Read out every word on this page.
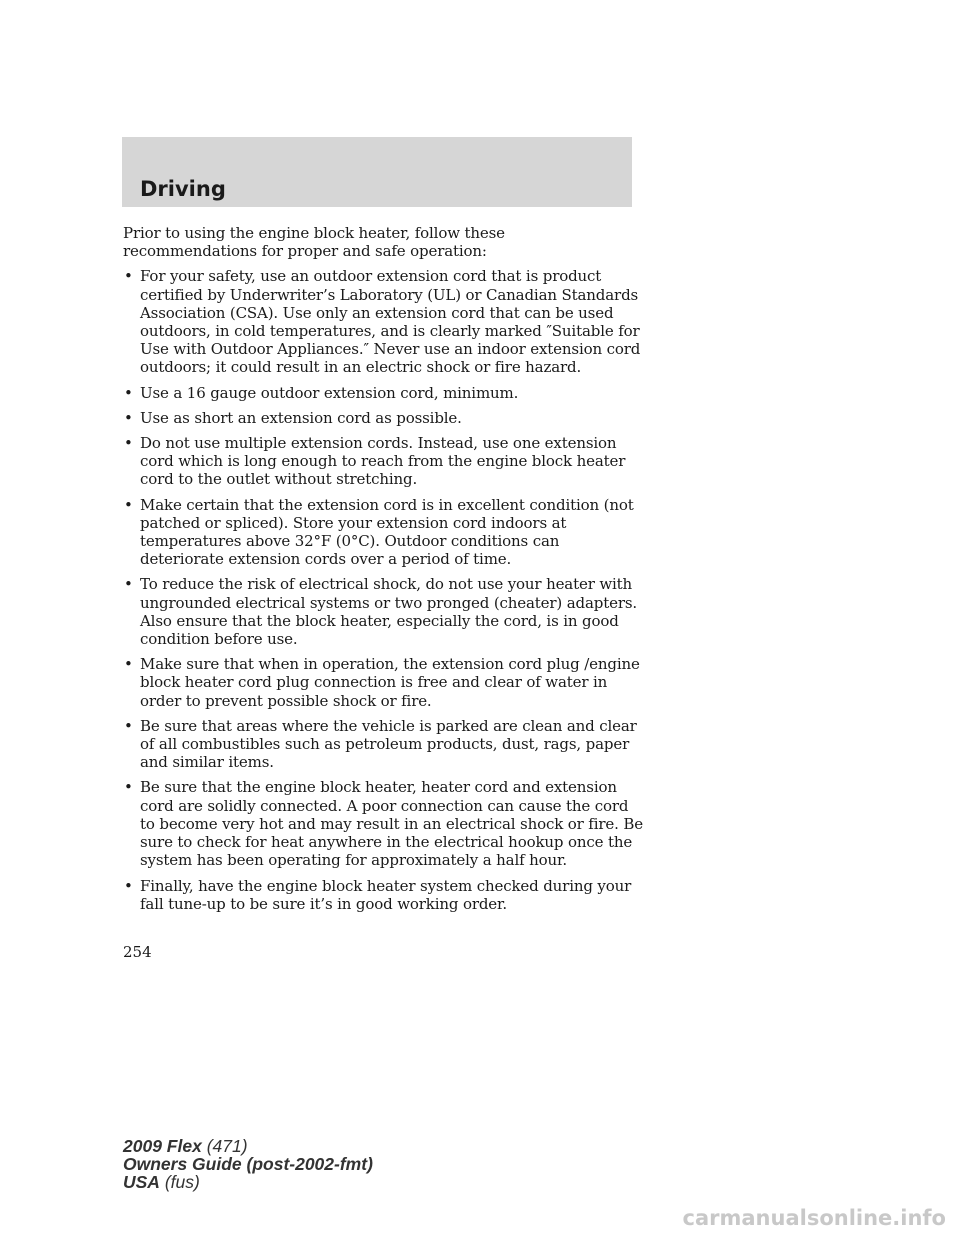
Driving

Prior to using the engine block heater, follow these recommendations for proper and safe operation:

• For your safety, use an outdoor extension cord that is product certified by Underwriter’s Laboratory (UL) or Canadian Standards Association (CSA). Use only an extension cord that can be used outdoors, in cold temperatures, and is clearly marked ″Suitable for Use with Outdoor Appliances.″ Never use an indoor extension cord outdoors; it could result in an electric shock or fire hazard.
• Use a 16 gauge outdoor extension cord, minimum.
• Use as short an extension cord as possible.
• Do not use multiple extension cords. Instead, use one extension cord which is long enough to reach from the engine block heater cord to the outlet without stretching.
• Make certain that the extension cord is in excellent condition (not patched or spliced). Store your extension cord indoors at temperatures above 32°F (0°C). Outdoor conditions can deteriorate extension cords over a period of time.
• To reduce the risk of electrical shock, do not use your heater with ungrounded electrical systems or two pronged (cheater) adapters. Also ensure that the block heater, especially the cord, is in good condition before use.
• Make sure that when in operation, the extension cord plug /engine block heater cord plug connection is free and clear of water in order to prevent possible shock or fire.
• Be sure that areas where the vehicle is parked are clean and clear of all combustibles such as petroleum products, dust, rags, paper and similar items.
• Be sure that the engine block heater, heater cord and extension cord are solidly connected. A poor connection can cause the cord to become very hot and may result in an electrical shock or fire. Be sure to check for heat anywhere in the electrical hookup once the system has been operating for approximately a half hour.
• Finally, have the engine block heater system checked during your fall tune-up to be sure it’s in good working order.

254

2009 Flex (471)
Owners Guide (post-2002-fmt)
USA (fus)
carmanualsonline.info
